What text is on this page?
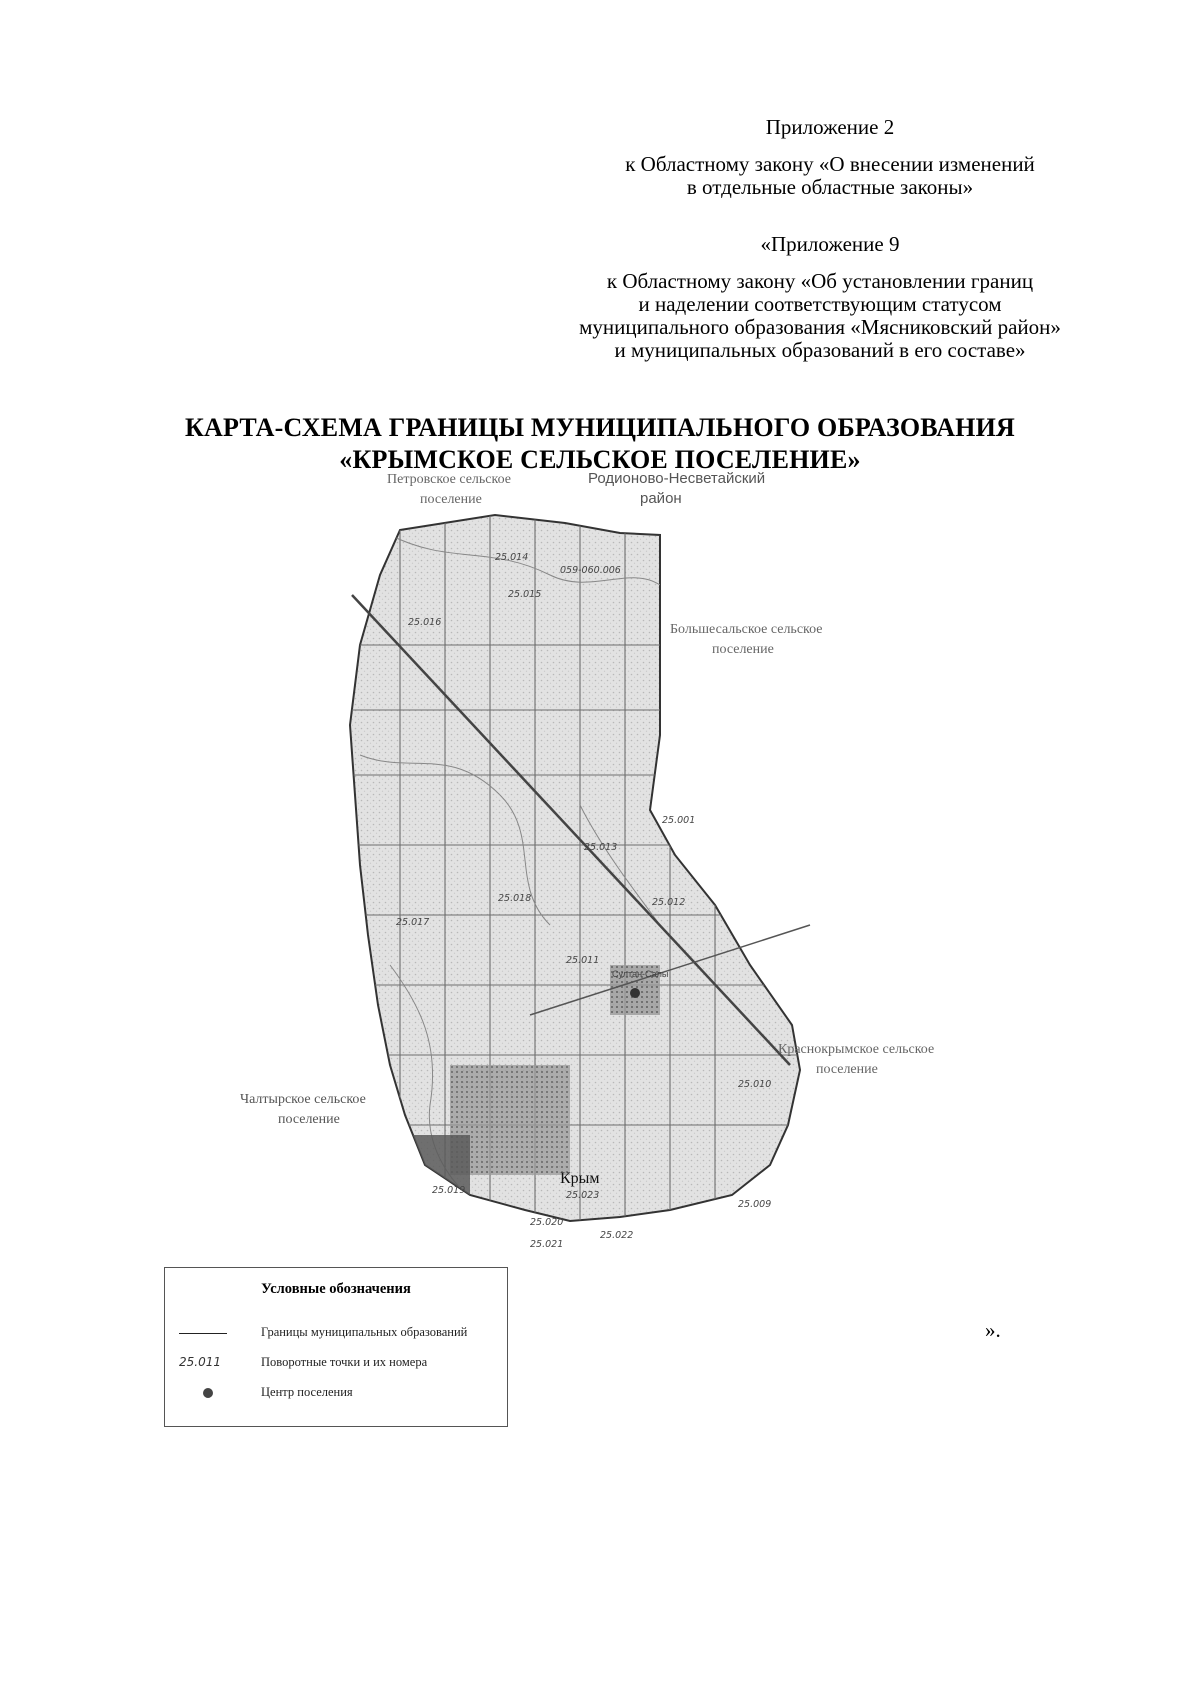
Приложение 2
к Областному закону «О внесении изменений
в отдельные областные законы»
«Приложение 9
к Областному закону «Об установлении границ
и наделении соответствующим статусом
муниципального образования «Мясниковский район»
и муниципальных образований в его составе»
КАРТА-СХЕМА ГРАНИЦЫ МУНИЦИПАЛЬНОГО ОБРАЗОВАНИЯ
«КРЫМСКОЕ СЕЛЬСКОЕ ПОСЕЛЕНИЕ»
Петровское сельское
поселение
Большесальское сельское
поселение
Краснокрымское сельское
поселение
Родионово-Несветайский
район
Чалтырское сельское
поселение
Крым
Султан-Салы
25.014
059-060.006
25.015
25.016
25.001
25.013
25.018	25.012
25.017
25.011
25.010
25.019	25.023
25.009
25.020
25.022
25.021
Условные обозначения
Границы муниципальных образований
25.011	Поворотные точки и их номера
Центр поселения
».
